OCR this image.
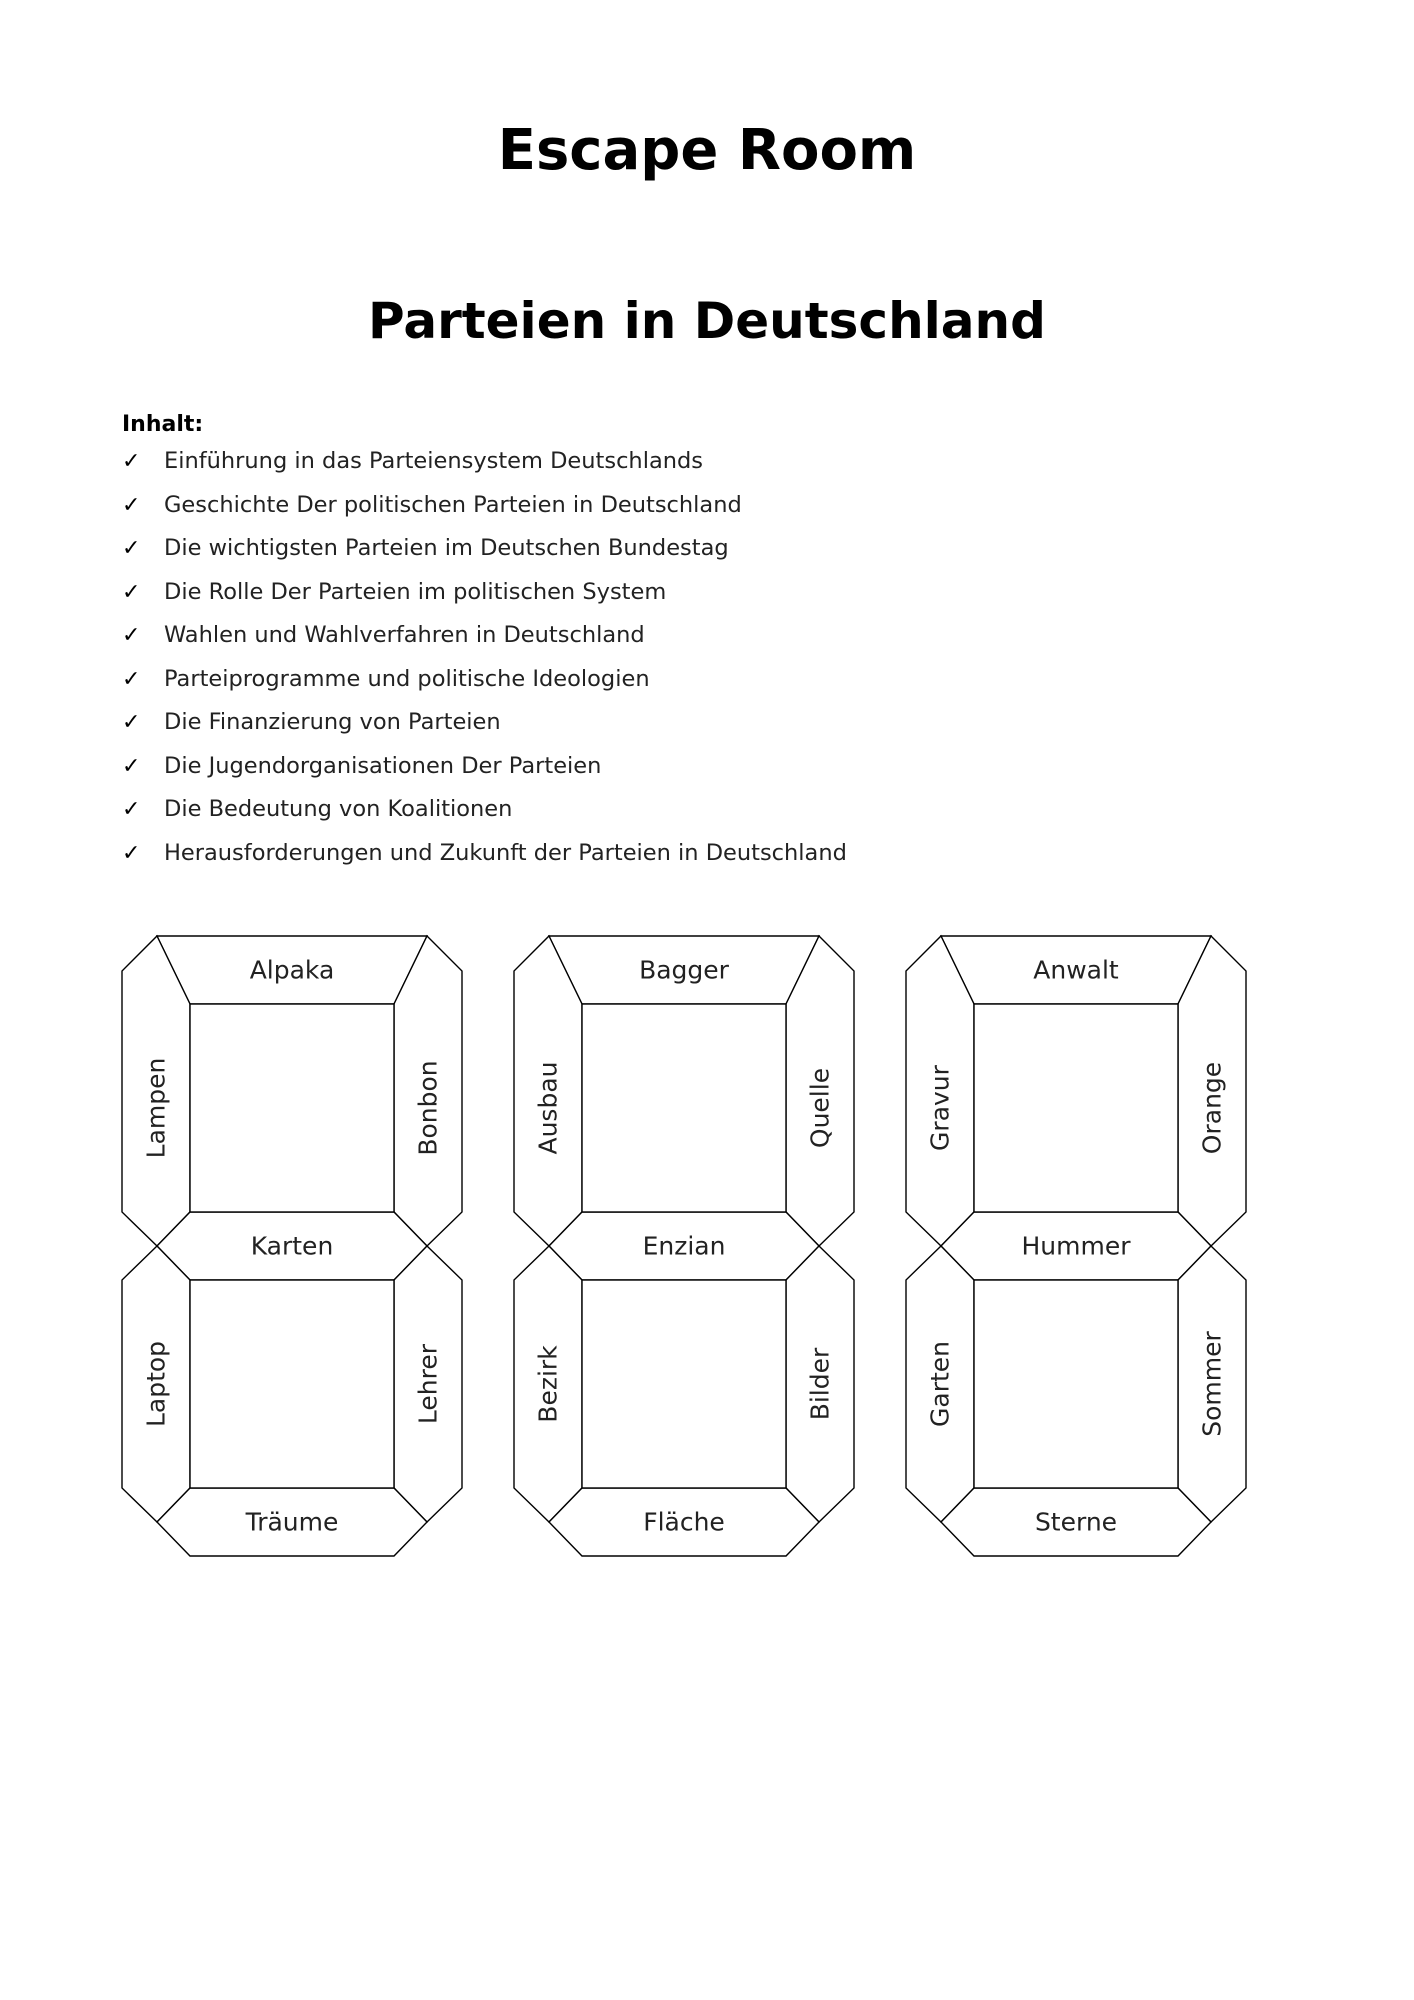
Escape Room
Parteien in Deutschland
Inhalt:
✓ Einführung in das Parteiensystem Deutschlands
✓ Geschichte Der politischen Parteien in Deutschland
✓ Die wichtigsten Parteien im Deutschen Bundestag
✓ Die Rolle Der Parteien im politischen System
✓ Wahlen und Wahlverfahren in Deutschland
✓ Parteiprogramme und politische Ideologien
✓ Die Finanzierung von Parteien
✓ Die Jugendorganisationen Der Parteien
✓ Die Bedeutung von Koalitionen
✓ Herausforderungen und Zukunft der Parteien in Deutschland
Alpaka
Karten
Träume
Lampen	Bonbon
Laptop	Lehrer
Bagger
Enzian
Fläche
Ausbau	Quelle
Bezirk	Bilder
Anwalt
Hummer
Sterne
Gravur	Orange
Garten	Sommer
